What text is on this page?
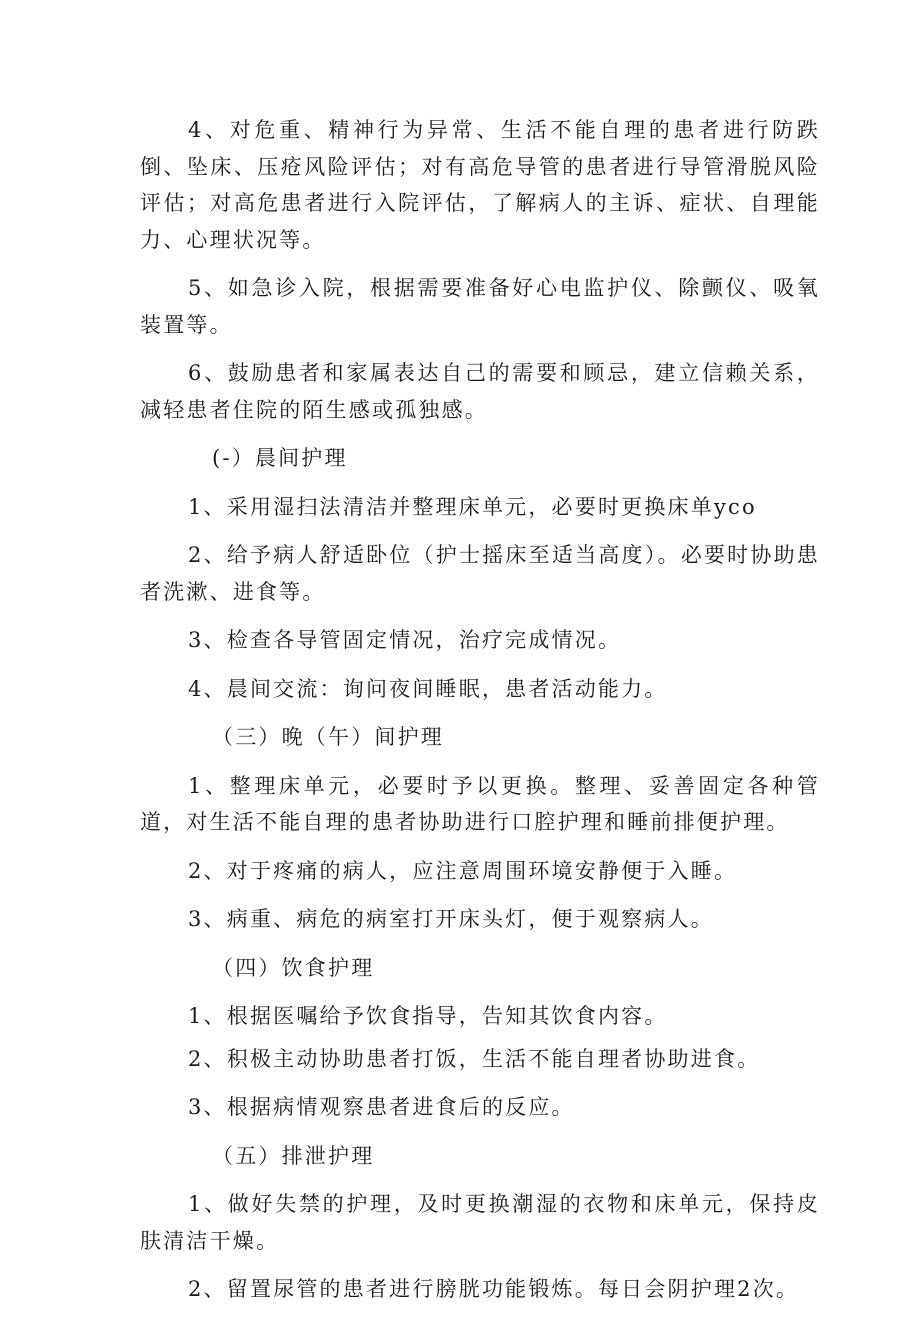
4、对危重、精神行为异常、生活不能自理的患者进行防跌倒、坠床、压疮风险评估；对有高危导管的患者进行导管滑脱风险评估；对高危患者进行入院评估，了解病人的主诉、症状、自理能力、心理状况等。

5、如急诊入院，根据需要准备好心电监护仪、除颤仪、吸氧装置等。

6、鼓励患者和家属表达自己的需要和顾忌，建立信赖关系，减轻患者住院的陌生感或孤独感。

(-）晨间护理

1、采用湿扫法清洁并整理床单元，必要时更换床单yco

2、给予病人舒适卧位（护士摇床至适当高度）。必要时协助患者洗漱、进食等。

3、检查各导管固定情况，治疗完成情况。

4、晨间交流：询问夜间睡眠，患者活动能力。

（三）晚（午）间护理

1、整理床单元，必要时予以更换。整理、妥善固定各种管道，对生活不能自理的患者协助进行口腔护理和睡前排便护理。

2、对于疼痛的病人，应注意周围环境安静便于入睡。

3、病重、病危的病室打开床头灯，便于观察病人。

（四）饮食护理

1、根据医嘱给予饮食指导，告知其饮食内容。

2、积极主动协助患者打饭，生活不能自理者协助进食。

3、根据病情观察患者进食后的反应。

（五）排泄护理

1、做好失禁的护理，及时更换潮湿的衣物和床单元，保持皮肤清洁干燥。

2、留置尿管的患者进行膀胱功能锻炼。每日会阴护理2次。
